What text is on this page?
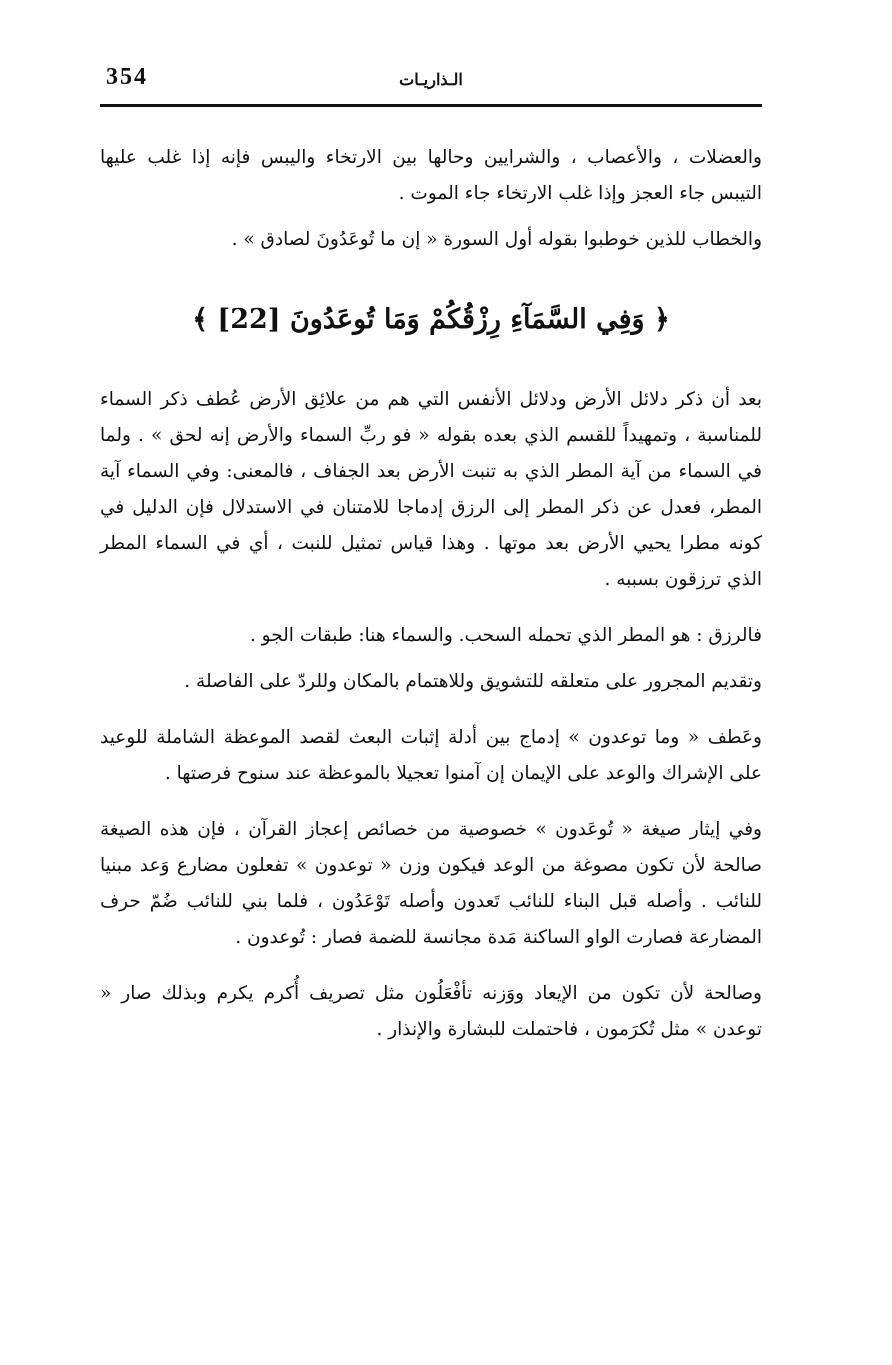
354	الـذاريـات

والعضلات ، والأعصاب ، والشرايين وحالها بين الارتخاء واليبس فإنه إذا غلب عليها التيبس جاء العجز وإذا غلب الارتخاء جاء الموت .

والخطاب للذين خوطبوا بقوله أول السورة « إن ما تُوعَدُونَ لصادق » .

﴿ وَفِي السَّمَآءِ رِزْقُكُمْ وَمَا تُوعَدُونَ [22] ﴾

بعد أن ذكر دلائل الأرض ودلائل الأنفس التي هم من علائِق الأرض عُطف ذكر السماء للمناسبة ، وتمهيداً للقسم الذي بعده بقوله « فو ربِّ السماء والأرض إنه لحق » . ولما في السماء من آية المطر الذي به تنبت الأرض بعد الجفاف ، فالمعنى: وفي السماء آية المطر، فعدل عن ذكر المطر إلى الرزق إدماجا للامتنان في الاستدلال فإن الدليل في كونه مطرا يحيي الأرض بعد موتها . وهذا قياس تمثيل للنبت ، أي في السماء المطر الذي ترزقون بسببه .

فالرزق : هو المطر الذي تحمله السحب. والسماء هنا: طبقات الجو .

وتقديم المجرور على متعلقه للتشويق وللاهتمام بالمكان وللردّ على الفاصلة .

وعَطف « وما توعدون » إدماج بين أدلة إثبات البعث لقصد الموعظة الشاملة للوعيد على الإشراك والوعد على الإيمان إن آمنوا تعجيلا بالموعظة عند سنوح فرصتها .

وفي إيثار صيغة « تُوعَدون » خصوصية من خصائص إعجاز القرآن ، فإن هذه الصيغة صالحة لأن تكون مصوغة من الوعد فيكون وزن « توعدون » تفعلون مضارع وَعد مبنيا للنائب . وأصله قبل البناء للنائب تَعدون وأصله تَوْعَدُون ، فلما بني للنائب ضُمّ حرف المضارعة فصارت الواو الساكنة مَدة مجانسة للضمة فصار : تُوعدون .

وصالحة لأن تكون من الإيعاد ووَزنه تأفْعَلُون مثل تصريف أُكرم يكرم وبذلك صار « توعدن » مثل تُكرَمون ، فاحتملت للبشارة والإنذار .
